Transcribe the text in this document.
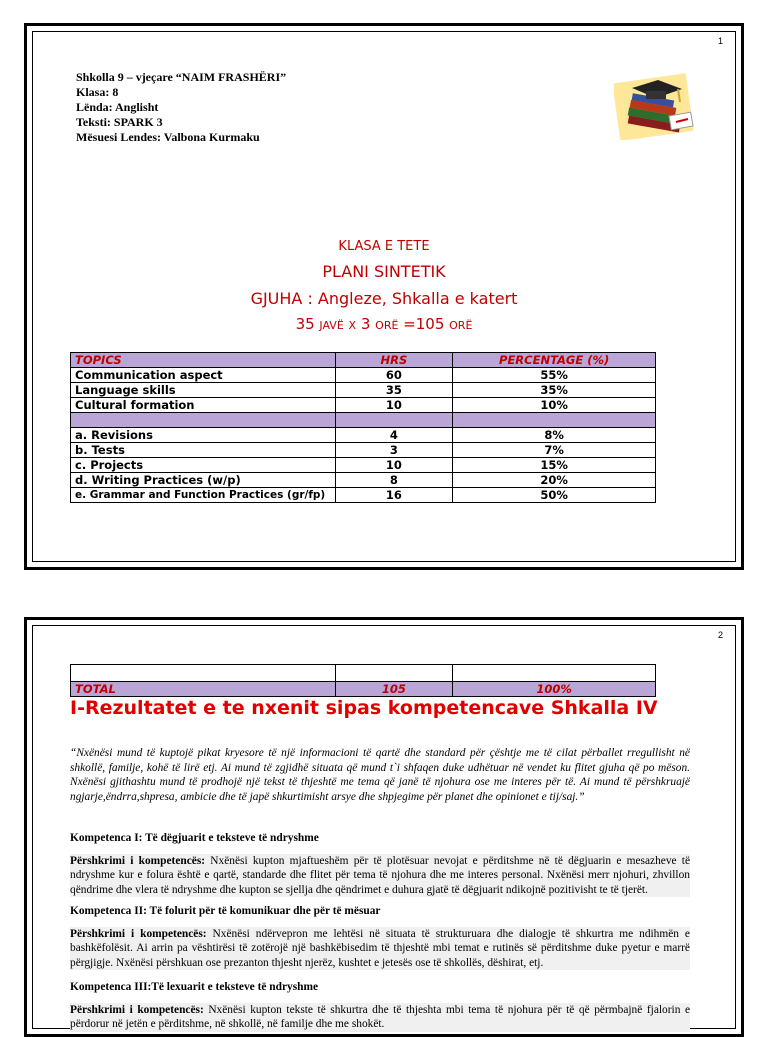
1
Shkolla 9 – vjeçare “NAIM FRASHËRI”
Klasa: 8
Lënda: Anglisht
Teksti: SPARK 3
Mësuesi Lendes: Valbona Kurmaku
KLASA E TETE
PLANI SINTETIK
GJUHA : Angleze, Shkalla e katert
35 javë x 3 orë =105 orë
TOPICS	HRS	PERCENTAGE (%)
Communication aspect	60	55%
Language skills	35	35%
Cultural formation	10	10%

a. Revisions	4	8%
b. Tests	3	7%
c. Projects	10	15%
d. Writing Practices (w/p)	8	20%
e. Grammar and Function Practices (gr/fp)	16	50%
2

TOTAL	105	100%
I-Rezultatet e te nxenit sipas kompetencave Shkalla IV
“Nxënësi mund të kuptojë pikat kryesore të një informacioni të qartë dhe standard për çështje me të cilat përballet rregullisht në shkollë, familje, kohë të lirë etj. Ai mund të zgjidhë situata që mund t`i shfaqen duke udhëtuar në vendet ku flitet gjuha që po mëson. Nxënësi gjithashtu mund të prodhojë një tekst të thjeshtë me tema që janë të njohura ose me interes për të. Ai mund të përshkruajë ngjarje,ëndrra,shpresa, ambicie dhe të japë shkurtimisht arsye dhe shpjegime për planet dhe opinionet e tij/saj.”
Kompetenca I: Të dëgjuarit e teksteve të ndryshme
Përshkrimi i kompetencës: Nxënësi kupton mjaftueshëm për të plotësuar nevojat e përditshme në të dëgjuarin e mesazheve të ndryshme kur e folura është e qartë, standarde dhe flitet për tema të njohura dhe me interes personal. Nxënësi merr njohuri, zhvillon qëndrime dhe vlera të ndryshme dhe kupton se sjellja dhe qëndrimet e duhura gjatë të dëgjuarit ndikojnë pozitivisht te të tjerët.
Kompetenca II: Të folurit për të komunikuar dhe për të mësuar
Përshkrimi i kompetencës: Nxënësi ndërvepron me lehtësi në situata të strukturuara dhe dialogje të shkurtra me ndihmën e bashkëfolësit. Ai arrin pa vështirësi të zotërojë një bashkëbisedim të thjeshtë mbi temat e rutinës së përditshme duke pyetur e marrë përgjigje. Nxënësi përshkuan ose prezanton thjesht njerëz, kushtet e jetesës ose të shkollës, dëshirat, etj.
Kompetenca III:Të lexuarit e teksteve të ndryshme
Përshkrimi i kompetencës: Nxënësi kupton tekste të shkurtra dhe të thjeshta mbi tema të njohura për të që përmbajnë fjalorin e përdorur në jetën e përditshme, në shkollë, në familje dhe me shokët.
